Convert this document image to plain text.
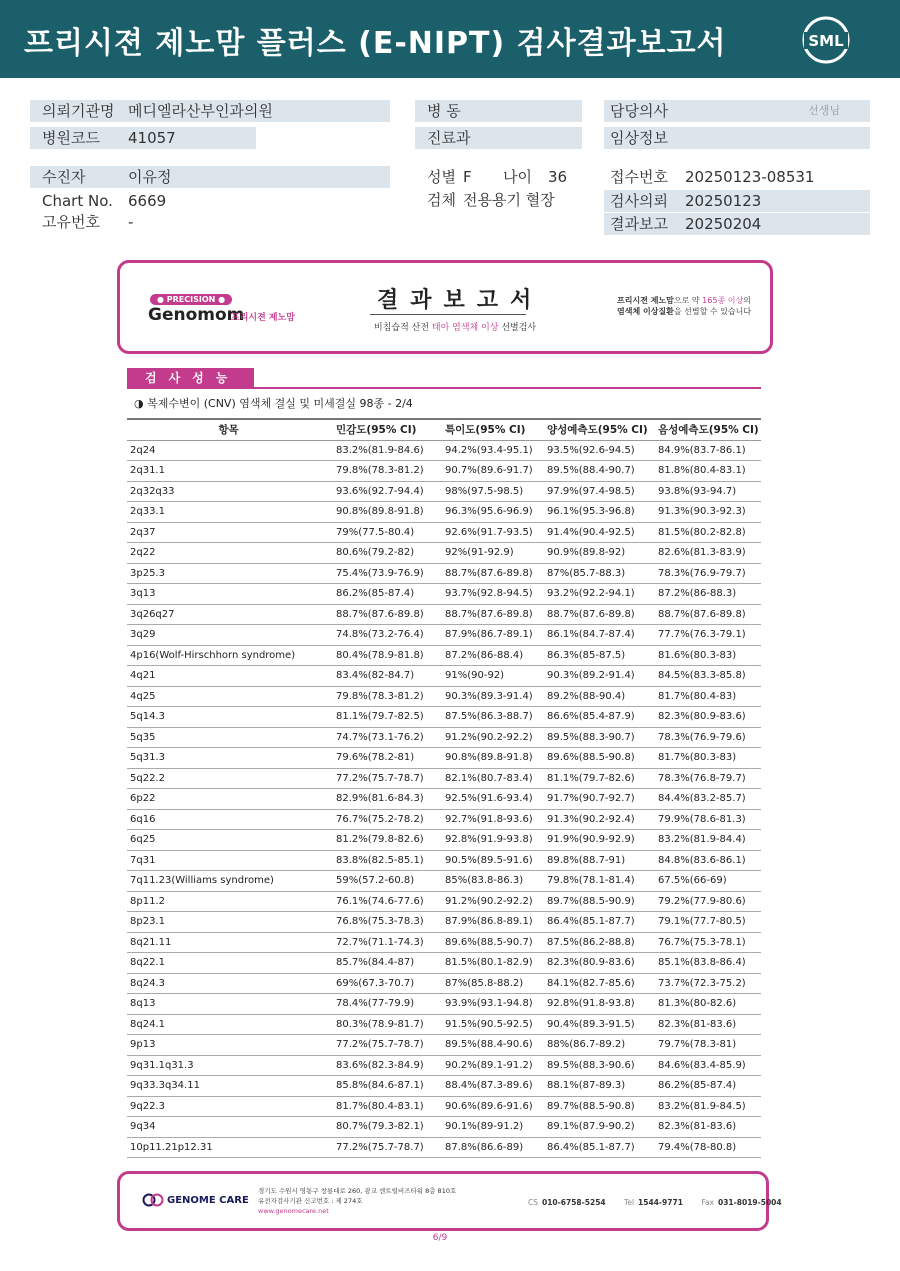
프리시젼 제노맘 플러스 (E-NIPT) 검사결과보고서	SML
의뢰기관명 메디엘라산부인과의원
병원코드 41057
병 동
진료과
담당의사	선생님
임상정보
수진자	이유정
Chart No. 6669
고유번호 -
성별 F 나이 36
검체 전용용기 혈장
접수번호 20250123-08531
검사의뢰 20250123
결과보고 20250204
● PRECISION ●
Genomom
프리시젼 제노맘
결과보고서
비침습적 산전 태아 염색체 이상 선별검사
프리시젼 제노맘으로 약 165종 이상의
염색체 이상질환을 선별할 수 있습니다
검사성능
◑ 복제수변이 (CNV) 염색체 결실 및 미세결실 98종 - 2/4
항목	민감도(95% CI)	특이도(95% CI)	양성예측도(95% CI)	음성예측도(95% CI)
2q24	83.2%(81.9-84.6)	94.2%(93.4-95.1)	93.5%(92.6-94.5)	84.9%(83.7-86.1)
2q31.1	79.8%(78.3-81.2)	90.7%(89.6-91.7)	89.5%(88.4-90.7)	81.8%(80.4-83.1)
2q32q33	93.6%(92.7-94.4)	98%(97.5-98.5)	97.9%(97.4-98.5)	93.8%(93-94.7)
2q33.1	90.8%(89.8-91.8)	96.3%(95.6-96.9)	96.1%(95.3-96.8)	91.3%(90.3-92.3)
2q37	79%(77.5-80.4)	92.6%(91.7-93.5)	91.4%(90.4-92.5)	81.5%(80.2-82.8)
2q22	80.6%(79.2-82)	92%(91-92.9)	90.9%(89.8-92)	82.6%(81.3-83.9)
3p25.3	75.4%(73.9-76.9)	88.7%(87.6-89.8)	87%(85.7-88.3)	78.3%(76.9-79.7)
3q13	86.2%(85-87.4)	93.7%(92.8-94.5)	93.2%(92.2-94.1)	87.2%(86-88.3)
3q26q27	88.7%(87.6-89.8)	88.7%(87.6-89.8)	88.7%(87.6-89.8)	88.7%(87.6-89.8)
3q29	74.8%(73.2-76.4)	87.9%(86.7-89.1)	86.1%(84.7-87.4)	77.7%(76.3-79.1)
4p16(Wolf-Hirschhorn syndrome)	80.4%(78.9-81.8)	87.2%(86-88.4)	86.3%(85-87.5)	81.6%(80.3-83)
4q21	83.4%(82-84.7)	91%(90-92)	90.3%(89.2-91.4)	84.5%(83.3-85.8)
4q25	79.8%(78.3-81.2)	90.3%(89.3-91.4)	89.2%(88-90.4)	81.7%(80.4-83)
5q14.3	81.1%(79.7-82.5)	87.5%(86.3-88.7)	86.6%(85.4-87.9)	82.3%(80.9-83.6)
5q35	74.7%(73.1-76.2)	91.2%(90.2-92.2)	89.5%(88.3-90.7)	78.3%(76.9-79.6)
5q31.3	79.6%(78.2-81)	90.8%(89.8-91.8)	89.6%(88.5-90.8)	81.7%(80.3-83)
5q22.2	77.2%(75.7-78.7)	82.1%(80.7-83.4)	81.1%(79.7-82.6)	78.3%(76.8-79.7)
6p22	82.9%(81.6-84.3)	92.5%(91.6-93.4)	91.7%(90.7-92.7)	84.4%(83.2-85.7)
6q16	76.7%(75.2-78.2)	92.7%(91.8-93.6)	91.3%(90.2-92.4)	79.9%(78.6-81.3)
6q25	81.2%(79.8-82.6)	92.8%(91.9-93.8)	91.9%(90.9-92.9)	83.2%(81.9-84.4)
7q31	83.8%(82.5-85.1)	90.5%(89.5-91.6)	89.8%(88.7-91)	84.8%(83.6-86.1)
7q11.23(Williams syndrome)	59%(57.2-60.8)	85%(83.8-86.3)	79.8%(78.1-81.4)	67.5%(66-69)
8p11.2	76.1%(74.6-77.6)	91.2%(90.2-92.2)	89.7%(88.5-90.9)	79.2%(77.9-80.6)
8p23.1	76.8%(75.3-78.3)	87.9%(86.8-89.1)	86.4%(85.1-87.7)	79.1%(77.7-80.5)
8q21.11	72.7%(71.1-74.3)	89.6%(88.5-90.7)	87.5%(86.2-88.8)	76.7%(75.3-78.1)
8q22.1	85.7%(84.4-87)	81.5%(80.1-82.9)	82.3%(80.9-83.6)	85.1%(83.8-86.4)
8q24.3	69%(67.3-70.7)	87%(85.8-88.2)	84.1%(82.7-85.6)	73.7%(72.3-75.2)
8q13	78.4%(77-79.9)	93.9%(93.1-94.8)	92.8%(91.8-93.8)	81.3%(80-82.6)
8q24.1	80.3%(78.9-81.7)	91.5%(90.5-92.5)	90.4%(89.3-91.5)	82.3%(81-83.6)
9p13	77.2%(75.7-78.7)	89.5%(88.4-90.6)	88%(86.7-89.2)	79.7%(78.3-81)
9q31.1q31.3	83.6%(82.3-84.9)	90.2%(89.1-91.2)	89.5%(88.3-90.6)	84.6%(83.4-85.9)
9q33.3q34.11	85.8%(84.6-87.1)	88.4%(87.3-89.6)	88.1%(87-89.3)	86.2%(85-87.4)
9q22.3	81.7%(80.4-83.1)	90.6%(89.6-91.6)	89.7%(88.5-90.8)	83.2%(81.9-84.5)
9q34	80.7%(79.3-82.1)	90.1%(89-91.2)	89.1%(87.9-90.2)	82.3%(81-83.6)
10p11.21p12.31	77.2%(75.7-78.7)	87.8%(86.6-89)	86.4%(85.1-87.7)	79.4%(78-80.8)
GENOME CARE
경기도 수원시 영통구 창룡대로 260, 광교 센트럴비즈타워 8층 810호
유전자검사기관 신고번호 : 제 274호
www.genomecare.net
CS 010-6758-5254 Tel 1544-9771 Fax 031-8019-5004
6/9
